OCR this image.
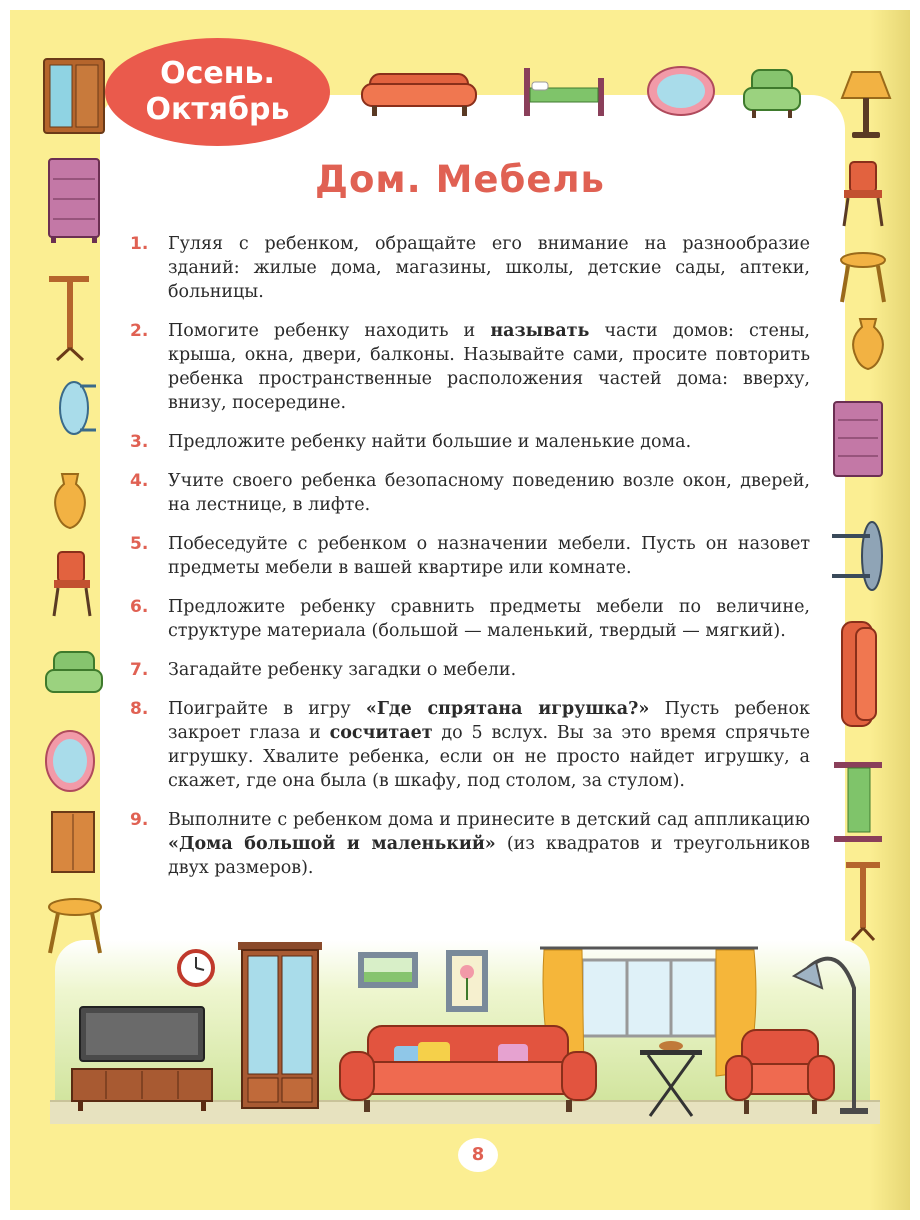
Осень.
Октябрь
Дом. Мебель
1. Гуляя с ребенком, обращайте его внимание на разнообразие зданий: жилые дома, магазины, школы, детские сады, аптеки, больницы.
2. Помогите ребенку находить и называть части домов: стены, крыша, окна, двери, балконы. Называйте сами, просите повторить ребенка пространственные расположения частей дома: вверху, внизу, посередине.
3. Предложите ребенку найти большие и маленькие дома.
4. Учите своего ребенка безопасному поведению возле окон, дверей, на лестнице, в лифте.
5. Побеседуйте с ребенком о назначении мебели. Пусть он назовет предметы мебели в вашей квартире или комнате.
6. Предложите ребенку сравнить предметы мебели по величине, структуре материала (большой — маленький, твердый — мягкий).
7. Загадайте ребенку загадки о мебели.
8. Поиграйте в игру «Где спрятана игрушка?» Пусть ребенок закроет глаза и сосчитает до 5 вслух. Вы за это время спрячьте игрушку. Хвалите ребенка, если он не просто найдет игрушку, а скажет, где она была (в шкафу, под столом, за стулом).
9. Выполните с ребенком дома и принесите в детский сад аппликацию «Дома большой и маленький» (из квадратов и треугольников двух размеров).
8
